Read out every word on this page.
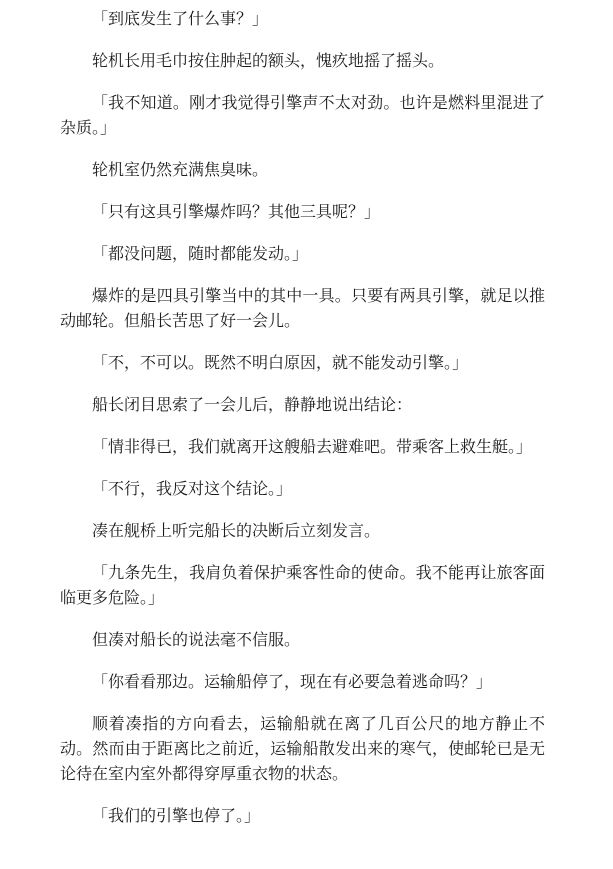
「到底发生了什么事？」

轮机长用毛巾按住肿起的额头，愧疚地摇了摇头。

「我不知道。刚才我觉得引擎声不太对劲。也许是燃料里混进了杂质。」

轮机室仍然充满焦臭味。

「只有这具引擎爆炸吗？其他三具呢？」

「都没问题，随时都能发动。」

爆炸的是四具引擎当中的其中一具。只要有两具引擎，就足以推动邮轮。但船长苦思了好一会儿。

「不，不可以。既然不明白原因，就不能发动引擎。」

船长闭目思索了一会儿后，静静地说出结论：

「情非得已，我们就离开这艘船去避难吧。带乘客上救生艇。」

「不行，我反对这个结论。」

凑在舰桥上听完船长的决断后立刻发言。

「九条先生，我肩负着保护乘客性命的使命。我不能再让旅客面临更多危险。」

但凑对船长的说法毫不信服。

「你看看那边。运输船停了，现在有必要急着逃命吗？」

顺着凑指的方向看去，运输船就在离了几百公尺的地方静止不动。然而由于距离比之前近，运输船散发出来的寒气，使邮轮已是无论待在室内室外都得穿厚重衣物的状态。

「我们的引擎也停了。」
